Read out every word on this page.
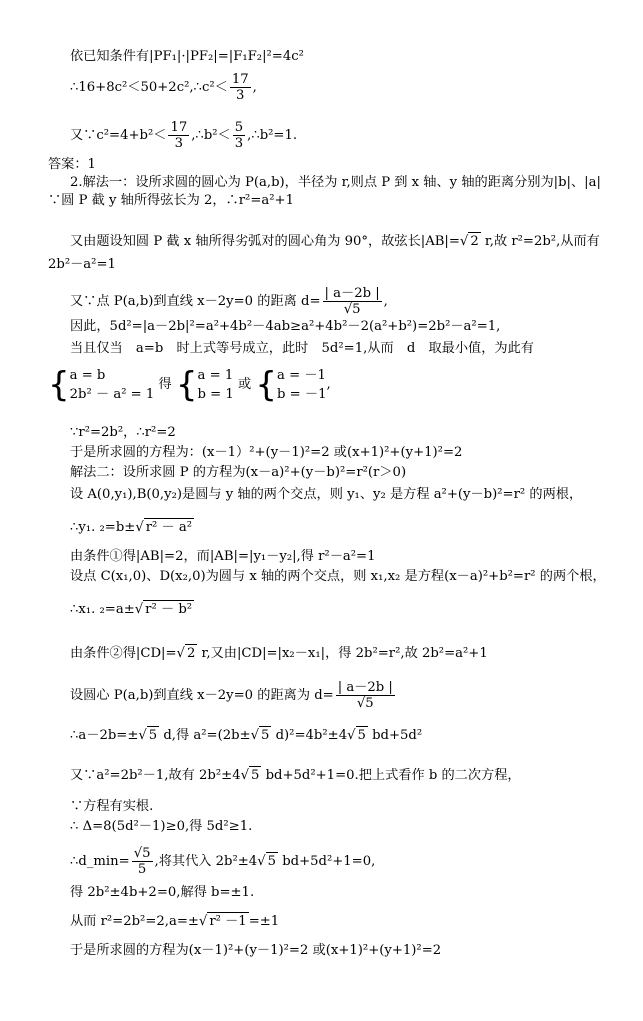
依已知条件有|PF₁|·|PF₂|=|F₁F₂|²=4c²
∴16+8c²＜50+2c²,∴c²＜ $\frac{17}{3}$ ,
又∵c²=4+b²＜ $\frac{17}{3}$ ,∴b²＜ $\frac{5}{3}$ ,∴b²=1.
答案：1
2.解法一：设所求圆的圆心为 P(a,b)，半径为 r,则点 P 到 x 轴、y 轴的距离分别为|b|、|a|
∵圆 P 截 y 轴所得弦长为 2，∴r²=a²+1
又由题设知圆 P 截 x 轴所得劣弧对的圆心角为 90°，故弦长|AB|=√ 2 r,故 r²=2b²,从而有
2b²－a²=1
又∵点 P(a,b)到直线 x－2y=0 的距离 $d= \frac{| a-2b |}{√5}$ ,
因此，5d²=|a－2b|²=a²+4b²－4ab≥a²+4b²－2(a²+b²)=2b²－a²=1,
当且仅当　a=b　时上式等号成立，此时　5d²=1,从而　d　取最小值，为此有
{ a = b
2b² － a² = 1
得 { a = 1
b = 1
或 { a = －1
b = －1
,
∵r²=2b²，∴r²=2
于是所求圆的方程为：(x－1）²+(y－1)²=2 或(x+1)²+(y+1)²=2
解法二：设所求圆 P 的方程为(x－a)²+(y－b)²=r²(r＞0)
设 A(0,y₁),B(0,y₂)是圆与 y 轴的两个交点，则 y₁、y₂ 是方程 a²+(y－b)²=r² 的两根，
∴y₁. ₂=b±√ r² － a²
由条件①得|AB|=2，而|AB|=|y₁－y₂|,得 r²－a²=1
设点 C(x₁,0)、D(x₂,0)为圆与 x 轴的两个交点，则 x₁,x₂ 是方程(x－a)²+b²=r² 的两个根，
∴x₁. ₂=a±√ r² － b²
由条件②得|CD|=√ 2 r,又由|CD|=|x₂－x₁|，得 2b²=r²,故 2b²=a²+1
设圆心 P(a,b)到直线 x－2y=0 的距离为 $d= \frac{| a-2b |}{√5}$
∴a－2b=±√ 5 d,得 a²=(2b±√ 5 d)²=4b²±4√ 5 bd+5d²
又∵a²=2b²－1,故有 2b²±4√ 5 bd+5d²+1=0.把上式看作 b 的二次方程，
∵方程有实根.
∴ Δ=8(5d²－1)≥0,得 5d²≥1.
∴d_min= $\frac{√5}{5}$ ,将其代入 2b²±4√ 5 bd+5d²+1=0,
得 2b²±4b+2=0,解得 b=±1.
从而 r²=2b²=2,a=±√ r² －1 =±1
于是所求圆的方程为(x－1)²+(y－1)²=2 或(x+1)²+(y+1)²=2
